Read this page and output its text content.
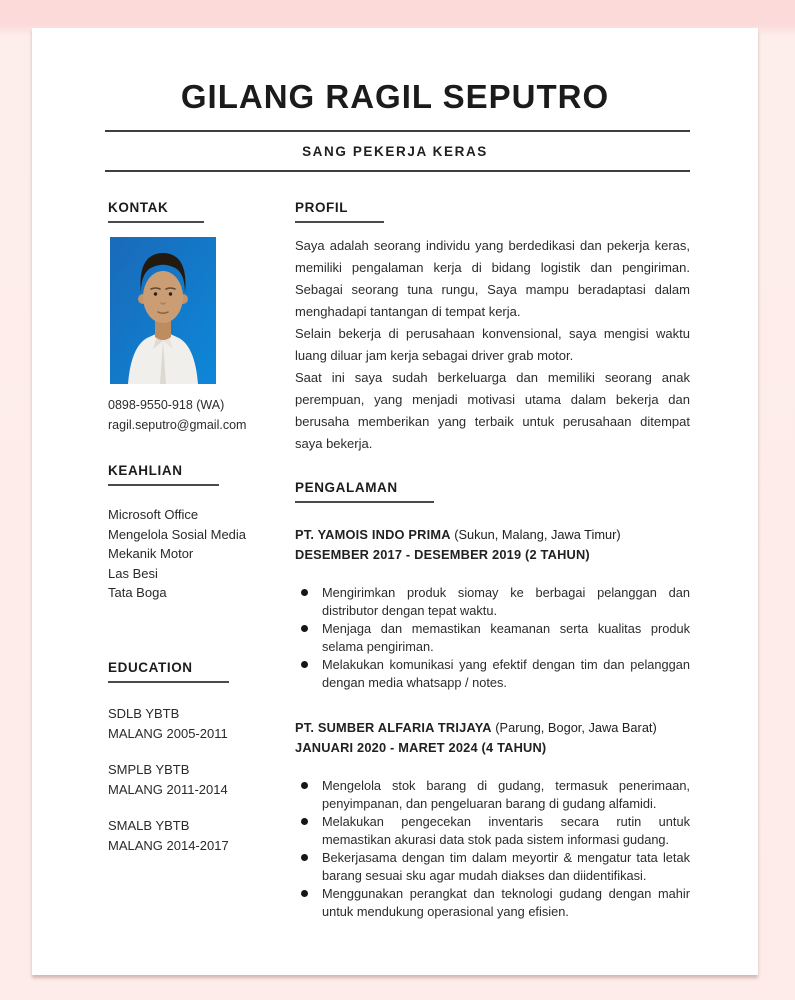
GILANG RAGIL SEPUTRO
SANG PEKERJA KERAS
KONTAK
0898-9550-918 (WA)
ragil.seputro@gmail.com
KEAHLIAN
Microsoft Office
Mengelola Sosial Media
Mekanik Motor
Las Besi
Tata Boga
EDUCATION
SDLB YBTB
MALANG 2005-2011
SMPLB YBTB
MALANG 2011-2014
SMALB YBTB
MALANG 2014-2017
PROFIL

Saya adalah seorang individu yang berdedikasi dan pekerja keras, memiliki pengalaman kerja di bidang logistik dan pengiriman. Sebagai seorang tuna rungu, Saya mampu beradaptasi dalam menghadapi tantangan di tempat kerja.

Selain bekerja di perusahaan konvensional, saya mengisi waktu luang diluar jam kerja sebagai driver grab motor.

Saat ini saya sudah berkeluarga dan memiliki seorang anak perempuan, yang menjadi motivasi utama dalam bekerja dan berusaha memberikan yang terbaik untuk perusahaan ditempat saya bekerja.

PENGALAMAN
PT. YAMOIS INDO PRIMA (Sukun, Malang, Jawa Timur)
DESEMBER 2017 - DESEMBER 2019 (2 TAHUN)
Mengirimkan produk siomay ke berbagai pelanggan dan distributor dengan tepat waktu.
Menjaga dan memastikan keamanan serta kualitas produk selama pengiriman.
Melakukan komunikasi yang efektif dengan tim dan pelanggan dengan media whatsapp / notes.
PT. SUMBER ALFARIA TRIJAYA (Parung, Bogor, Jawa Barat)
JANUARI 2020 - MARET 2024 (4 TAHUN)
Mengelola stok barang di gudang, termasuk penerimaan, penyimpanan, dan pengeluaran barang di gudang alfamidi.
Melakukan pengecekan inventaris secara rutin untuk memastikan akurasi data stok pada sistem informasi gudang.
Bekerjasama dengan tim dalam meyortir & mengatur tata letak barang sesuai sku agar mudah diakses dan diidentifikasi.
Menggunakan perangkat dan teknologi gudang dengan mahir untuk mendukung operasional yang efisien.
